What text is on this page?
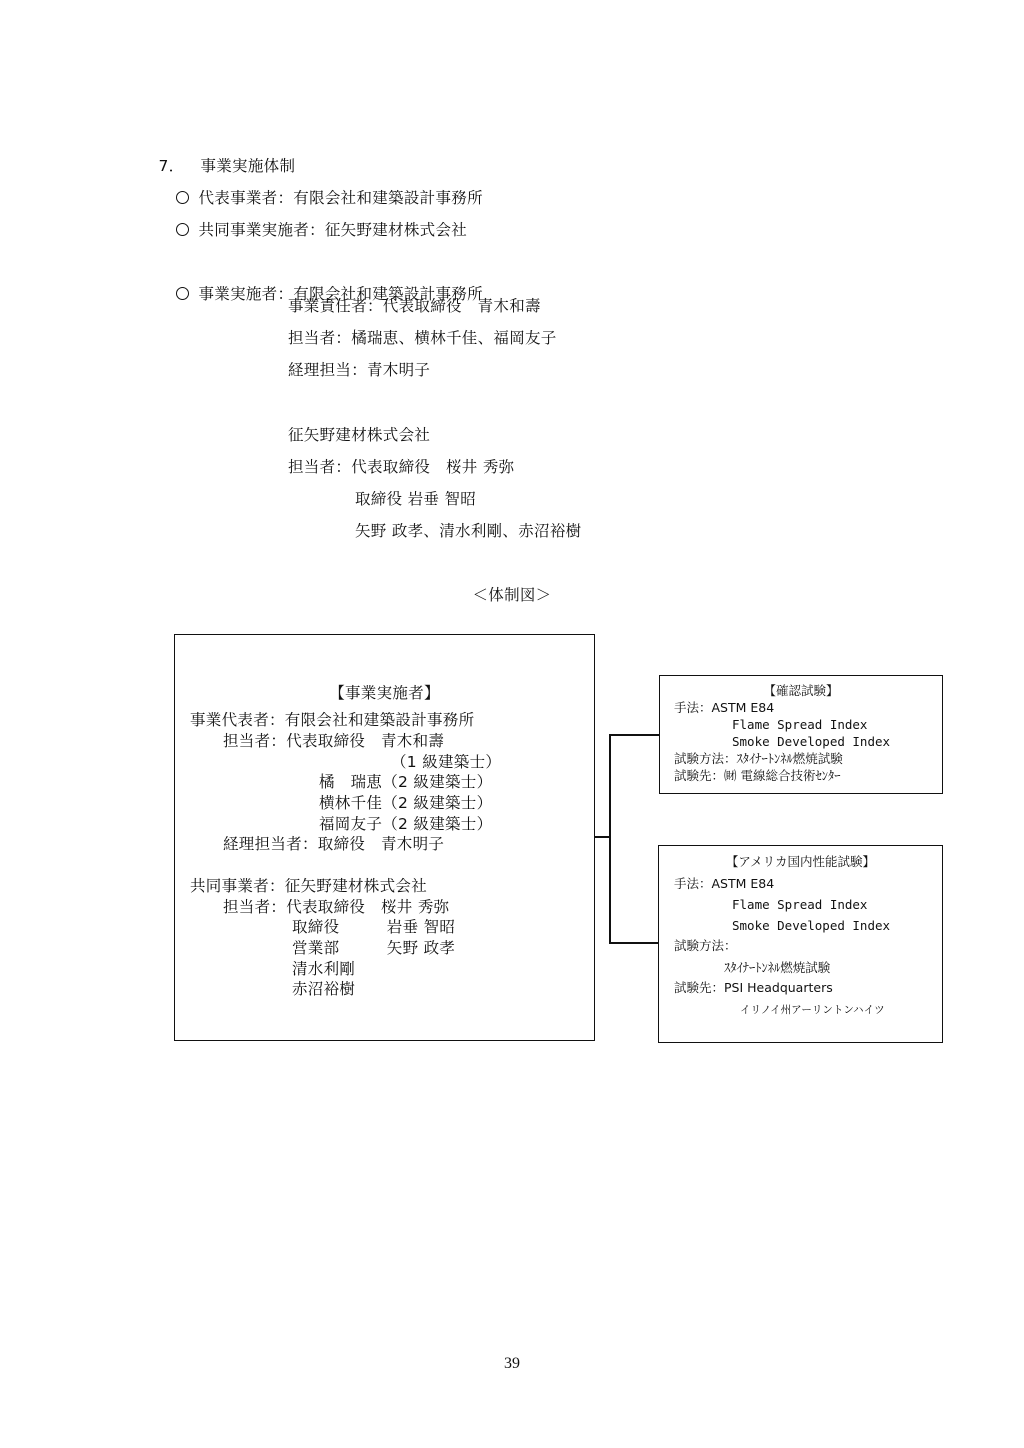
7． 事業実施体制

代表事業者：有限会社和建築設計事務所

共同事業実施者：征矢野建材株式会社

事業実施者：有限会社和建築設計事務所

事業責任者：代表取締役　青木和壽
担当者：橘瑞恵、横林千佳、福岡友子
経理担当：青木明子
征矢野建材株式会社
担当者：代表取締役　桜井 秀弥
取締役 岩垂 智昭
矢野 政孝、清水利剛、赤沼裕樹
＜体制図＞
【事業実施者】
事業代表者：有限会社和建築設計事務所
担当者：代表取締役　青木和壽
（1 級建築士）
橘　瑞恵（2 級建築士）
横林千佳（2 級建築士）
福岡友子（2 級建築士）
経理担当者：取締役　青木明子
共同事業者：征矢野建材株式会社
担当者：代表取締役　桜井 秀弥
取締役　　　岩垂 智昭
営業部　　　矢野 政孝
清水利剛
赤沼裕樹
【確認試験】
手法：ASTM E84
Flame Spread Index
Smoke Developed Index
試験方法：ｽﾀｲﾅｰﾄﾝﾈﾙ燃焼試験
試験先：㈶ 電線総合技術ｾﾝﾀｰ
【アメリカ国内性能試験】
手法：ASTM E84
Flame Spread Index
Smoke Developed Index
試験方法：
ｽﾀｲﾅｰﾄﾝﾈﾙ燃焼試験
試験先：PSI Headquarters
イリノイ州アーリントンハイツ
39
